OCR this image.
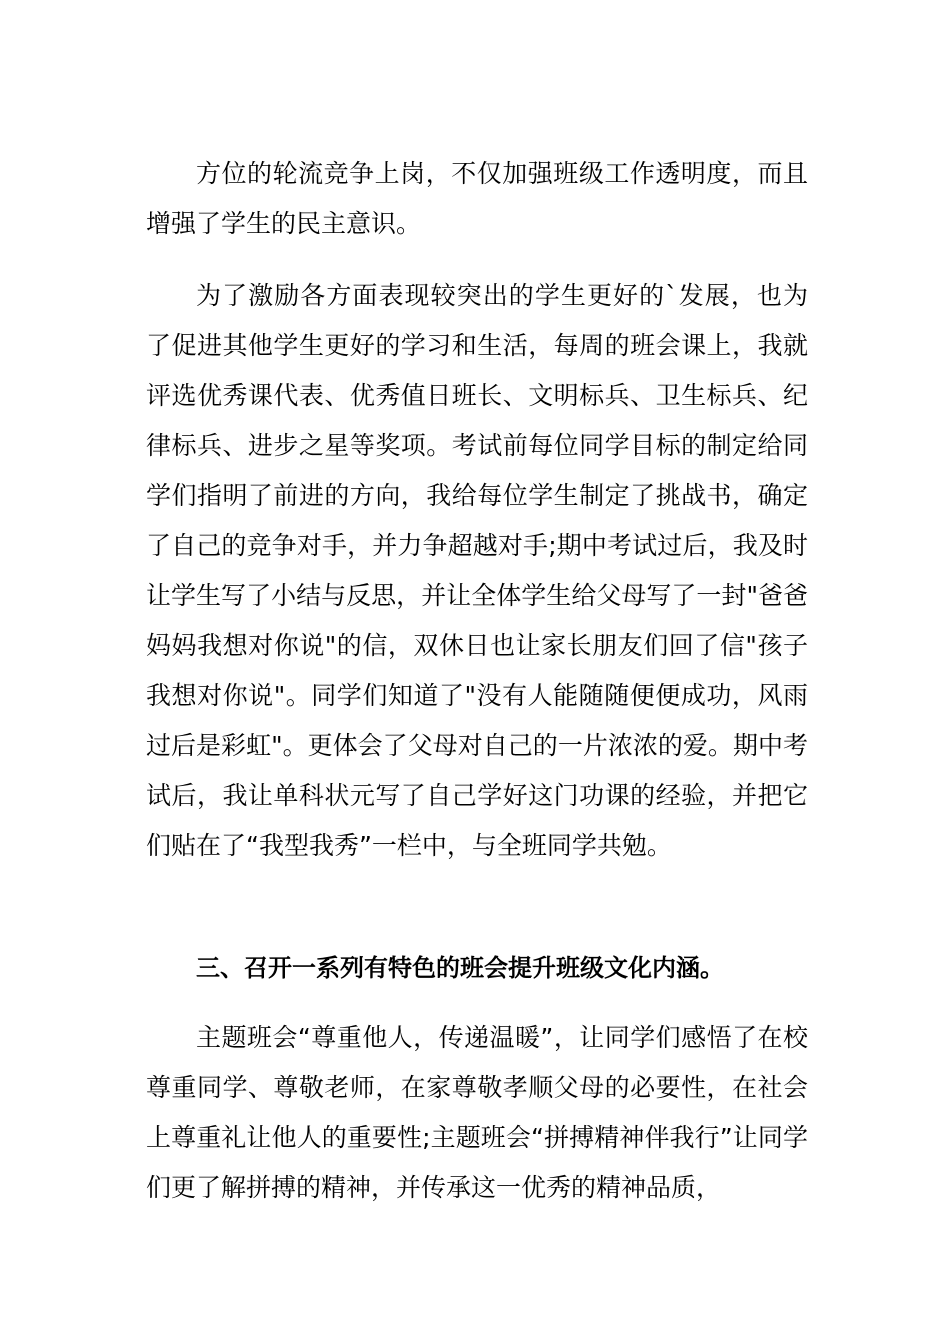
方位的轮流竞争上岗，不仅加强班级工作透明度，而且增强了学生的民主意识。

为了激励各方面表现较突出的学生更好的`发展，也为了促进其他学生更好的学习和生活，每周的班会课上，我就评选优秀课代表、优秀值日班长、文明标兵、卫生标兵、纪律标兵、进步之星等奖项。考试前每位同学目标的制定给同学们指明了前进的方向，我给每位学生制定了挑战书，确定了自己的竞争对手，并力争超越对手;期中考试过后，我及时让学生写了小结与反思，并让全体学生给父母写了一封"爸爸妈妈我想对你说"的信，双休日也让家长朋友们回了信"孩子我想对你说"。同学们知道了"没有人能随随便便成功，风雨过后是彩虹"。更体会了父母对自己的一片浓浓的爱。期中考试后，我让单科状元写了自己学好这门功课的经验，并把它们贴在了“我型我秀”一栏中，与全班同学共勉。

三、召开一系列有特色的班会提升班级文化内涵。

主题班会“尊重他人，传递温暖”，让同学们感悟了在校尊重同学、尊敬老师，在家尊敬孝顺父母的必要性，在社会上尊重礼让他人的重要性;主题班会“拼搏精神伴我行”让同学们更了解拼搏的精神，并传承这一优秀的精神品质，
